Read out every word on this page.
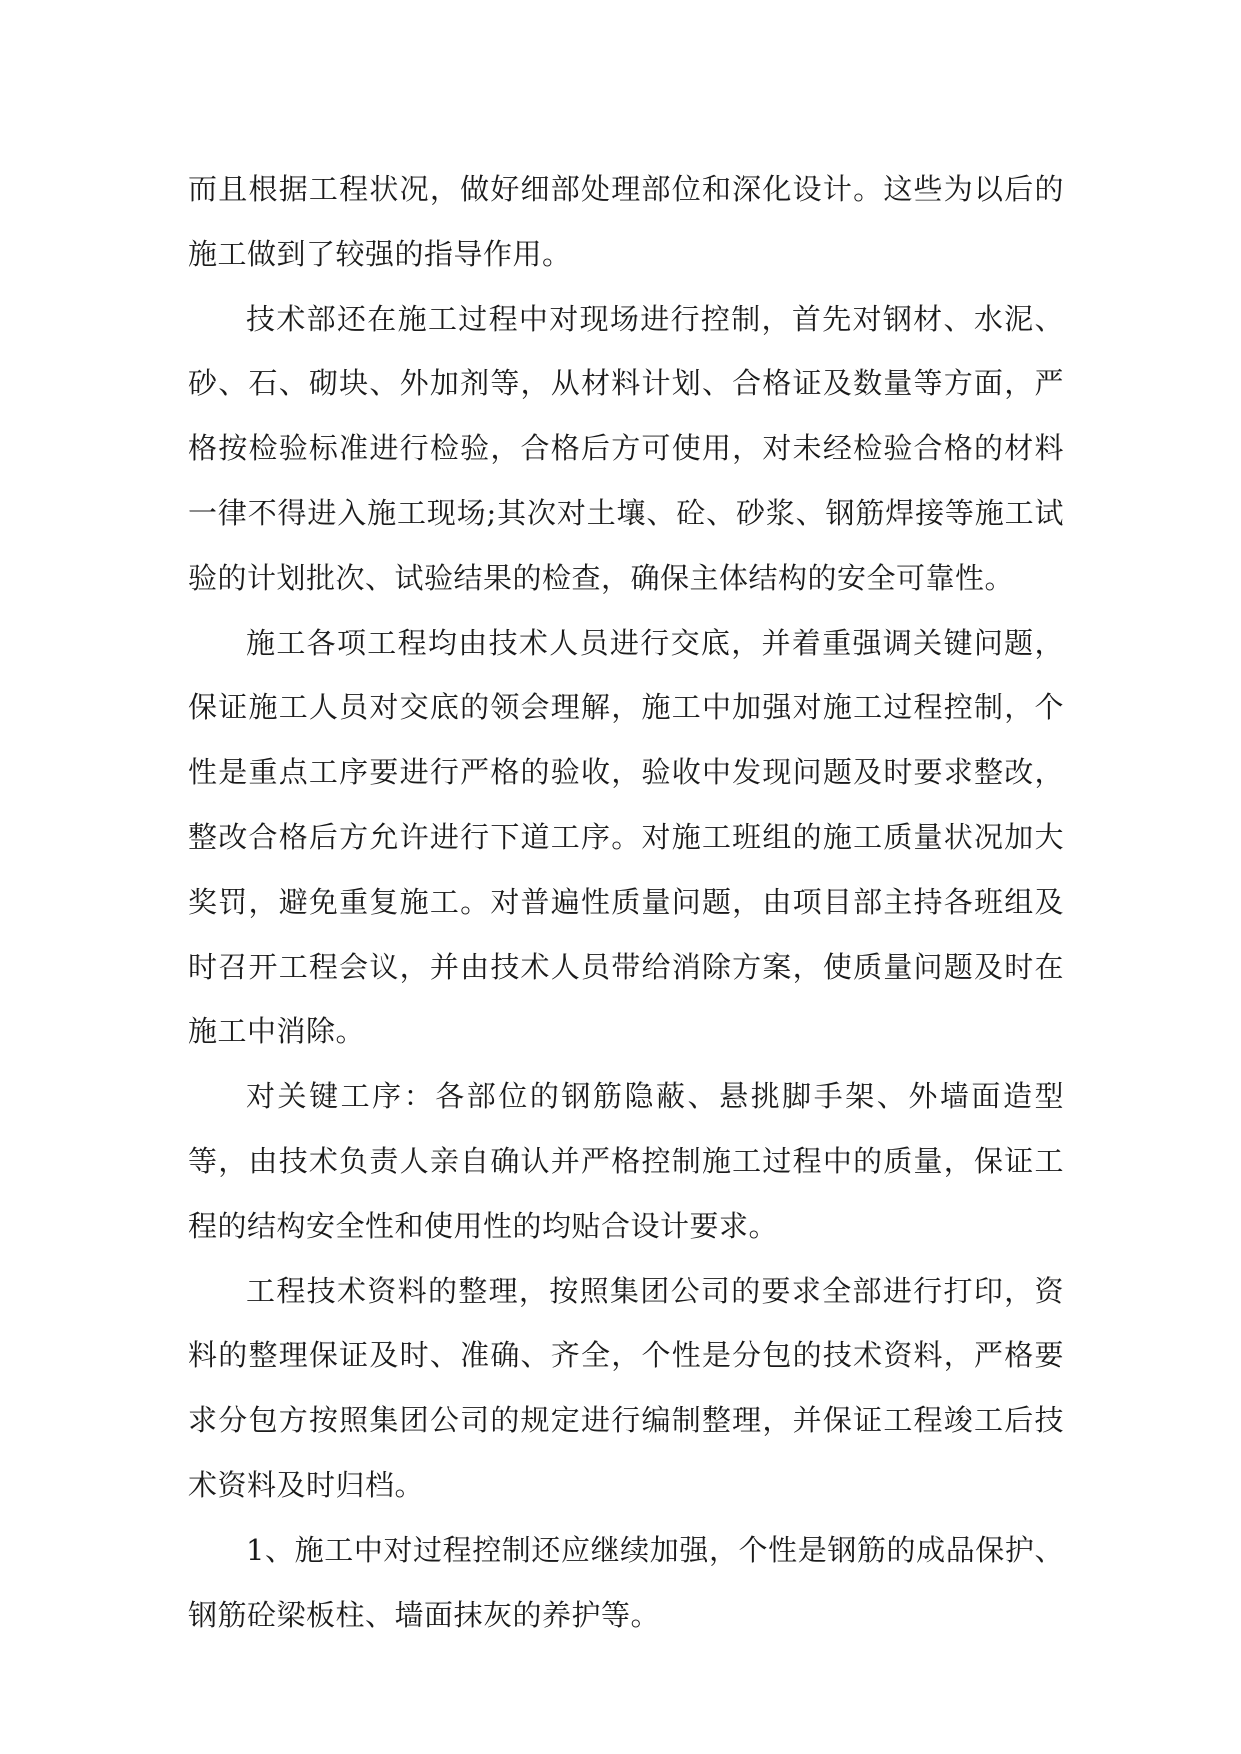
而且根据工程状况，做好细部处理部位和深化设计。这些为以后的施工做到了较强的指导作用。

技术部还在施工过程中对现场进行控制，首先对钢材、水泥、砂、石、砌块、外加剂等，从材料计划、合格证及数量等方面，严格按检验标准进行检验，合格后方可使用，对未经检验合格的材料一律不得进入施工现场;其次对土壤、砼、砂浆、钢筋焊接等施工试验的计划批次、试验结果的检查，确保主体结构的安全可靠性。

施工各项工程均由技术人员进行交底，并着重强调关键问题，保证施工人员对交底的领会理解，施工中加强对施工过程控制，个性是重点工序要进行严格的验收，验收中发现问题及时要求整改，整改合格后方允许进行下道工序。对施工班组的施工质量状况加大奖罚，避免重复施工。对普遍性质量问题，由项目部主持各班组及时召开工程会议，并由技术人员带给消除方案，使质量问题及时在施工中消除。

对关键工序：各部位的钢筋隐蔽、悬挑脚手架、外墙面造型等，由技术负责人亲自确认并严格控制施工过程中的质量，保证工程的结构安全性和使用性的均贴合设计要求。

工程技术资料的整理，按照集团公司的要求全部进行打印，资料的整理保证及时、准确、齐全，个性是分包的技术资料，严格要求分包方按照集团公司的规定进行编制整理，并保证工程竣工后技术资料及时归档。

1、施工中对过程控制还应继续加强，个性是钢筋的成品保护、钢筋砼梁板柱、墙面抹灰的养护等。
